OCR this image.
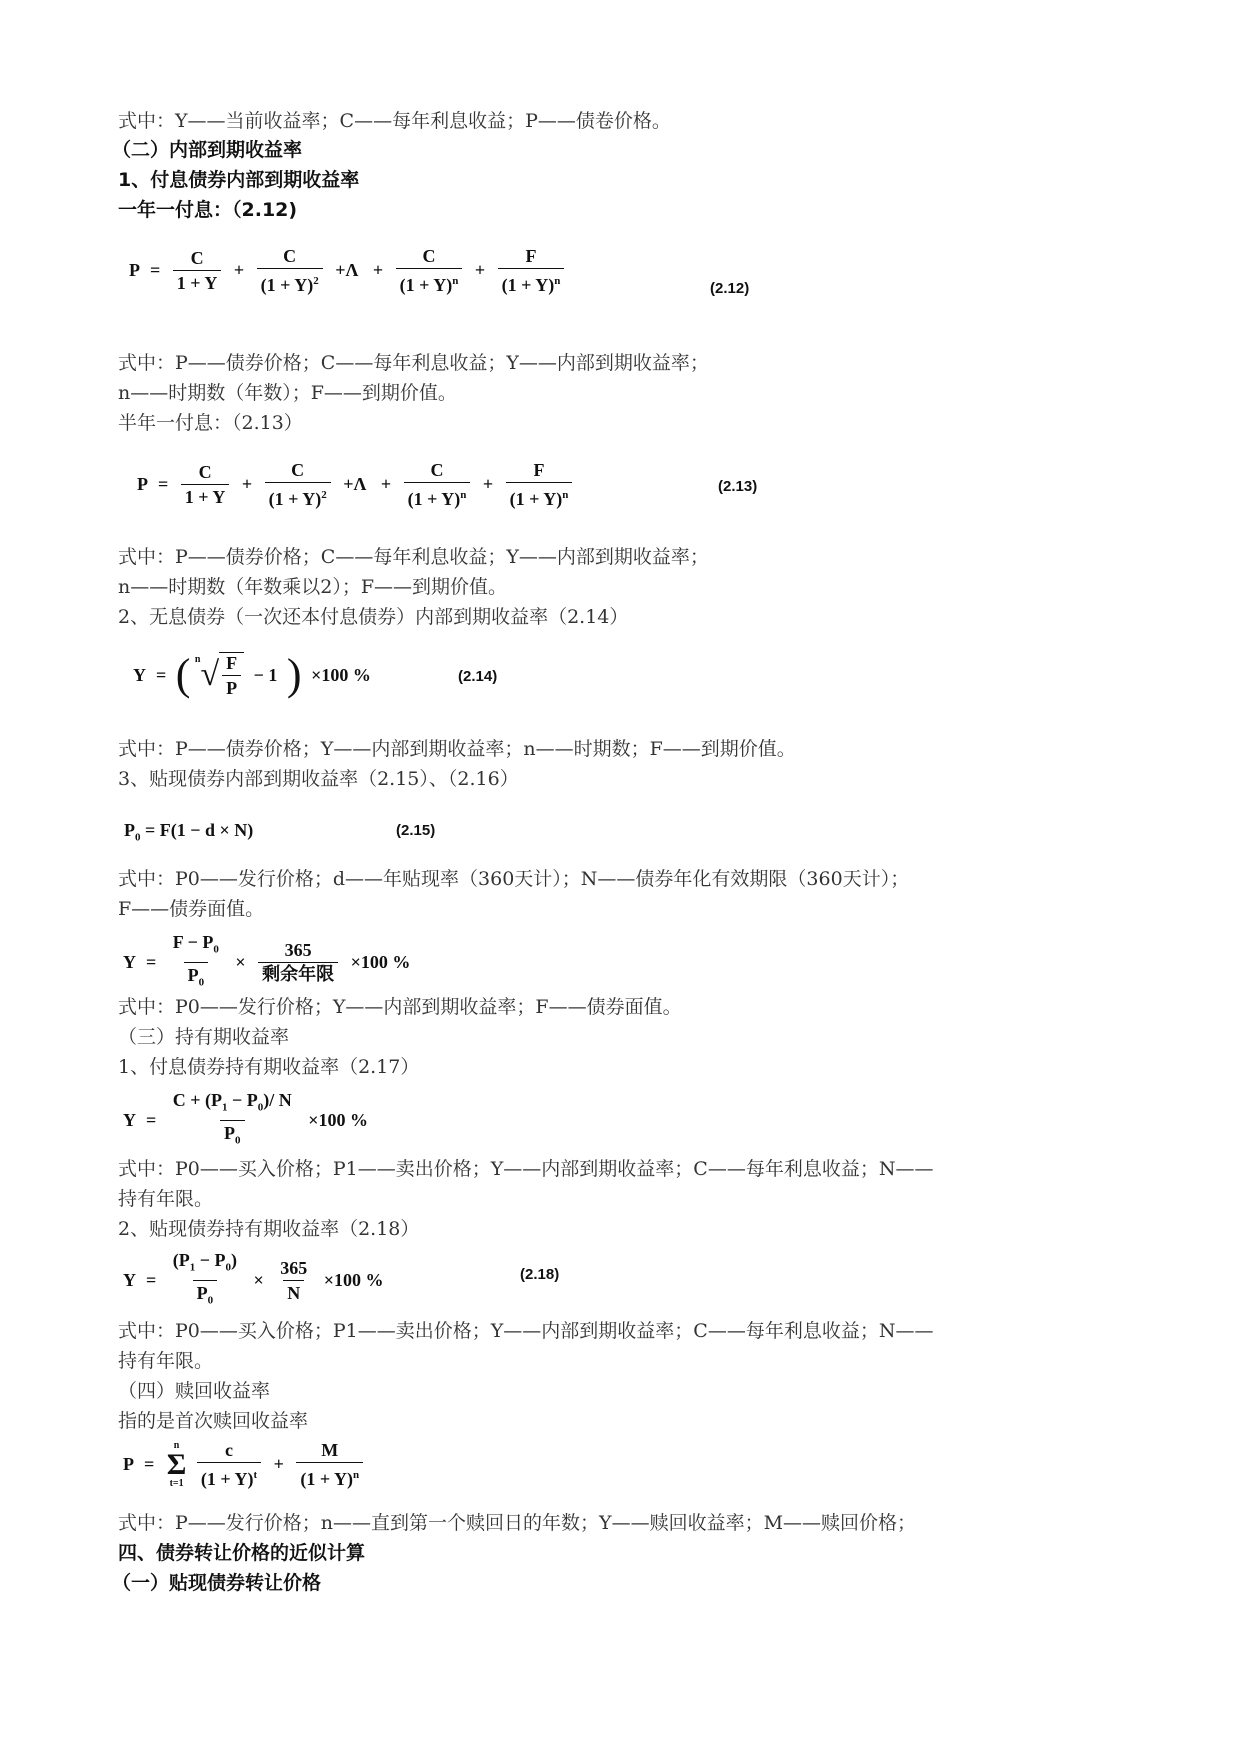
式中：Y——当前收益率；C——每年利息收益；P——债卷价格。
（二）内部到期收益率
1、付息债券内部到期收益率
一年一付息：（2.12)
$P = \frac{C}{1 + Y} + \frac{C}{(1 + Y)^2} +\Lambda + \frac{C}{(1 + Y)^n} + \frac{F}{(1 + Y)^n}$	(2.12)
式中：P——债券价格；C——每年利息收益；Y——内部到期收益率；
n——时期数（年数）；F——到期价值。
半年一付息：（2.13）
$P = \frac{C}{1 + Y} + \frac{C}{(1 + Y)^2} +\Lambda + \frac{C}{(1 + Y)^n} + \frac{F}{(1 + Y)^n}$	(2.13)
式中：P——债券价格；C——每年利息收益；Y——内部到期收益率；
n——时期数（年数乘以2）；F——到期价值。
2、无息债券（一次还本付息债券）内部到期收益率（2.14）
Y = ( n √ $\frac{F}{P} - 1$ ) ×100 %	(2.14)
式中：P——债券价格；Y——内部到期收益率；n——时期数；F——到期价值。
3、贴现债券内部到期收益率（2.15）、（2.16）
$P_0 = F(1 - d \times N)$	(2.15)
式中：P0——发行价格；d——年贴现率（360天计）；N——债券年化有效期限（360天计）；
F——债券面值。
$Y = \frac{F - P_0}{P_0} \times \frac{365}{\text{剩余年限}} \times 100$ %
式中：P0——发行价格；Y——内部到期收益率；F——债券面值。
（三）持有期收益率
1、付息债券持有期收益率（2.17）
$Y = \frac{C + (P_1 - P_0)/ N}{P_0} \times 100$ %
式中：P0——买入价格；P1——卖出价格；Y——内部到期收益率；C——每年利息收益；N——
持有年限。
2、贴现债券持有期收益率（2.18）
$Y = \frac{(P_1 - P_0)}{P_0} \times \frac{365}{N} \times 100$ %	(2.18)
式中：P0——买入价格；P1——卖出价格；Y——内部到期收益率；C——每年利息收益；N——
持有年限。
（四）赎回收益率
指的是首次赎回收益率
P =
n
Σ
t=1
$\frac{c}{(1 + Y)^t} + \frac{M}{(1 + Y)^n}$
式中：P——发行价格；n——直到第一个赎回日的年数；Y——赎回收益率；M——赎回价格；
四、债券转让价格的近似计算
（一）贴现债券转让价格
